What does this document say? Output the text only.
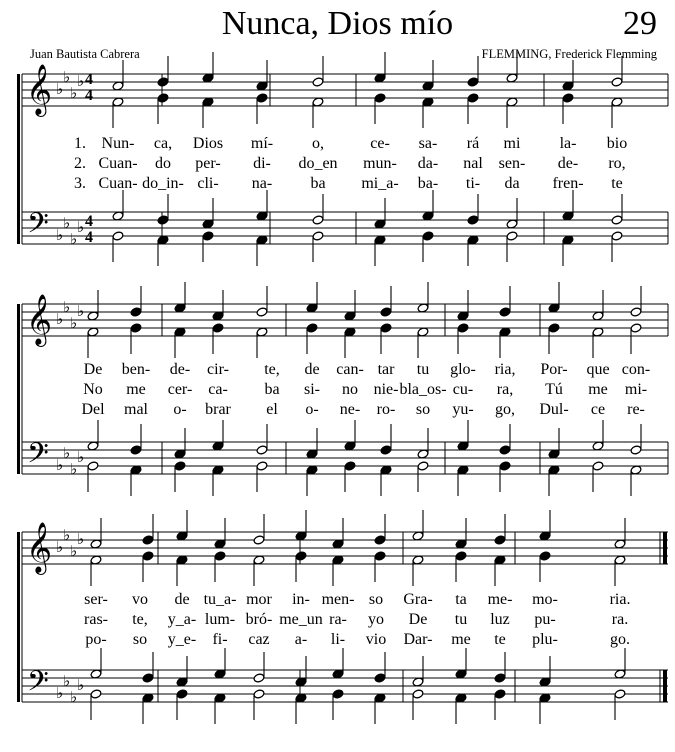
Nunca, Dios mío	29
Juan Bautista Cabrera	FLEMMING, Frederick Flemming
4
4
4
4
𝄞
𝄢
♭
♭
♭
♭
♭
♭
♭
♭
𝄞
𝄢
♭
♭
♭
♭
♭
♭
♭
♭
𝄞
𝄢
♭
♭
♭
♭
♭
♭
♭
♭
1. Nun- ca, Dios mí- o,	ce- sa- rá mi la- bio
2. Cuan- do per- di- do_en mun- da- nal sen- de- ro,
3. Cuan- do_in- cli- na- ba mi_a- ba- ti- da fren- te
De ben- de- cir- te, de can- tar tu glo- ria, Por- que con-
No me cer- ca- ba si- no nie- bla_os- cu- ra, Tú me mi-
Del mal o- brar el o- ne- ro- so yu- go, Dul- ce re-
ser- vo de tu_a- mor in- men- so Gra- ta me- mo-	ria.
ras- te, y_a- lum- bró- me_un ra- yo De tu luz pu-	ra.
po- so y_e- fi- caz a- li- vio Dar- me te plu-	go.
